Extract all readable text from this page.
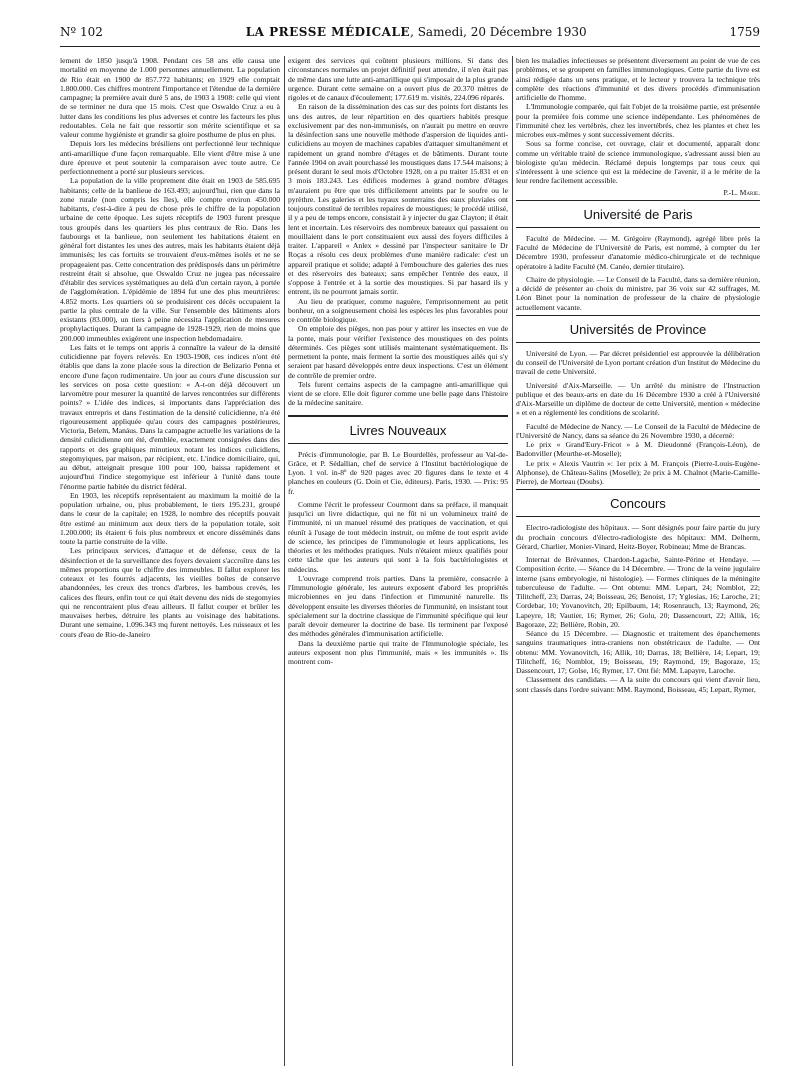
Nº 102	LA PRESSE MÉDICALE, Samedi, 20 Décembre 1930	1759

lement de 1850 jusqu'à 1908. Pendant ces 58 ans elle causa une mortalité en moyenne de 1.000 personnes annuellement. La population de Rio était en 1900 de 857.772 habitants; en 1929 elle comptait 1.800.000. Ces chiffres montrent l'importance et l'étendue de la dernière campagne; la première avait duré 5 ans, de 1903 à 1908: celle qui vient de se terminer ne dura que 15 mois. C'est que Oswaldo Cruz a eu à lutter dans les conditions les plus adverses et contre les facteurs les plus redoutables. Cela ne fait que ressortir son mérite scientifique et sa valeur comme hygiéniste et grandir sa gloire posthume de plus en plus.

Depuis lors les médecins brésiliens ont perfectionné leur technique anti-amarillique d'une façon remarquable. Elle vient d'être mise à une dure épreuve et peut soutenir la comparaison avec toute autre. Ce perfectionnement a porté sur plusieurs services.

La population de la ville proprement dite était en 1903 de 585.695 habitants; celle de la banlieue de 163.493; aujourd'hui, rien que dans la zone rurale (non compris les îles), elle compte environ 450.000 habitants, c'est-à-dire à peu de chose près le chiffre de la population urbaine de cette époque. Les sujets réceptifs de 1903 furent presque tous groupés dans les quartiers les plus centraux de Rio. Dans les faubourgs et la banlieue, non seulement les habitations étaient en général fort distantes les unes des autres, mais les habitants étaient déjà immunisés; les cas fortuits se trouvaient d'eux-mêmes isolés et ne se propageaient pas. Cette concentration des prédisposés dans un périmètre restreint était si absolue, que Oswaldo Cruz ne jugea pas nécessaire d'établir des services systématiques au delà d'un certain rayon, à portée de l'agglomération. L'épidémie de 1894 fut une des plus meurtrières: 4.852 morts. Les quartiers où se produisirent ces décès occupaient la partie la plus centrale de la ville. Sur l'ensemble des bâtiments alors existants (83.000), un tiers à peine nécessita l'application de mesures prophylactiques. Durant la campagne de 1928-1929, rien de moins que 200.000 immeubles exigèrent une inspection hebdomadaire.

Les faits et le temps ont appris à connaître la valeur de la densité culicidienne par foyers relevés. En 1903-1908, ces indices n'ont été établis que dans la zone placée sous la direction de Belizario Penna et encore d'une façon rudimentaire. Un jour au cours d'une discussion sur les services on posa cette question: « A-t-on déjà découvert un larvomètre pour mesurer la quantité de larves rencontrées sur différents points? » L'idée des indices, si importants dans l'appréciation des travaux entrepris et dans l'estimation de la densité culicidienne, n'a été rigoureusement appliquée qu'au cours des campagnes postérieures, Victoria, Belem, Manáus. Dans la campagne actuelle les variations de la densité culicidienne ont été, d'emblée, exactement consignées dans des rapports et des graphiques minutieux notant les indices culicidiens, stegomyiques, par maison, par récipient, etc. L'indice domiciliaire, qui, au début, atteignait presque 100 pour 100, baissa rapidement et aujourd'hui l'indice stegomyique est inférieur à l'unité dans toute l'énorme partie habitée du district fédéral.

En 1903, les réceptifs représentaient au maximum la moitié de la population urbaine, ou, plus probablement, le tiers 195.231, groupé dans le cœur de la capitale; en 1928, le nombre des réceptifs pouvait être estimé au minimum aux deux tiers de la population totale, soit 1.200.000; ils étaient 6 fois plus nombreux et encore disséminés dans toute la partie construite de la ville.

Les principaux services, d'attaque et de défense, ceux de la désinfection et de la surveillance des foyers devaient s'accroître dans les mêmes proportions que le chiffre des immeubles. Il fallut explorer les coteaux et les fourrés adjacents, les vieilles boîtes de conserve abandonnées, les creux des troncs d'arbres, les bambous crevés, les calices des fleurs, enfin tout ce qui était devenu des nids de stegomyies qui ne rencontraient plus d'eau ailleurs. Il fallut couper et brûler les mauvaises herbes, détruire les plants au voisinage des habitations. Durant une semaine, 1.096.343 mq furent nettoyés. Les ruisseaux et les cours d'eau de Rio-de-Janeiro

exigent des services qui coûtent plusieurs millions. Si dans des circonstances normales un projet définitif peut attendre, il n'en était pas de même dans une lutte anti-amarillique qui s'imposait de la plus grande urgence. Durant cette semaine on a ouvert plus de 20.370 mètres de rigoles et de canaux d'écoulement; 177.619 m. visités, 224.096 réparés.

En raison de la dissémination des cas sur des points fort distants les uns des autres, de leur répartition en des quartiers habités presque exclusivement par des non-immunisés, on n'aurait pu mettre en œuvre la désinfection sans une nouvelle méthode d'aspersion de liquides anti-culicidiens au moyen de machines capables d'attaquer simultanément et rapidement un grand nombre d'étages et de bâtiments. Durant toute l'année 1904 on avait pourchassé les moustiques dans 17.544 maisons; à présent durant le seul mois d'Octobre 1928, on a pu traiter 15.831 et en 3 mois 183.243. Les édifices modernes à grand nombre d'étages m'auraient pu être que très difficilement atteints par le soufre ou le pyrèthre. Les galeries et les tuyaux souterrains des eaux pluviales ont toujours constitué de terribles repaires de moustiques; le procédé utilisé, il y a peu de temps encore, consistait à y injecter du gaz Clayton; il était lent et incertain. Les réservoirs des nombreux bateaux qui passaient ou mouillaient dans le port constituaient eux aussi des foyers difficiles à traiter. L'appareil « Anlex » dessiné par l'inspecteur sanitaire le Dr Roças a résolu ces deux problèmes d'une manière radicale: c'est un appareil pratique et solide; adapté à l'embouchure des galeries des rues et des réservoirs des bateaux; sans empêcher l'entrée des eaux, il s'oppose à l'entrée et à la sortie des moustiques. Si par hasard ils y entrent, ils ne pourront jamais sortir.

Au lieu de pratiquer, comme naguère, l'emprisonnement au petit bonheur, on a soigneusement choisi les espèces les plus favorables pour ce contrôle biologique.

On emploie des pièges, non pas pour y attirer les insectes en vue de la ponte, mais pour vérifier l'existence des moustiques en des points déterminés. Ces pièges sont utilisés maintenant systématiquement. Ils permettent la ponte, mais ferment la sortie des moustiques ailés qui s'y seraient par hasard développés entre deux inspections. C'est un élément de contrôle de premier ordre.

Tels furent certains aspects de la campagne anti-amarillique qui vient de se clore. Elle doit figurer comme une belle page dans l'histoire de la médecine sanitaire.

Livres Nouveaux

Précis d'immunologie, par B. Le Bourdellès, professeur au Val-de-Grâce, et P. Sédallian, chef de service à l'Institut bactériologique de Lyon. 1 vol. in-8º de 920 pages avec 20 figures dans le texte et 4 planches en couleurs (G. Doin et Cie, éditeurs). Paris, 1930. — Prix: 95 fr.

Comme l'écrit le professeur Courmont dans sa préface, il manquait jusqu'ici un livre didactique, qui ne fût ni un volumineux traité de l'immunité, ni un manuel résumé des pratiques de vaccination, et qui réunît à l'usage de tout médecin instruit, ou même de tout esprit avide de science, les principes de l'immunologie et leurs applications, les théories et les méthodes pratiques. Nuls n'étaient mieux qualifiés pour cette tâche que les auteurs qui sont à la fois bactériologistes et médecins.

L'ouvrage comprend trois parties. Dans la première, consacrée à l'Immunologie générale, les auteurs exposent d'abord les propriétés microbiennes en jeu dans l'infection et l'immunité naturelle. Ils développent ensuite les diverses théories de l'immunité, en insistant tout spécialement sur la doctrine classique de l'immunité spécifique qui leur paraît devoir demeurer la doctrine de base. Ils terminent par l'exposé des méthodes générales d'immunisation artificielle.

Dans la deuxième partie qui traite de l'Immunologie spéciale, les auteurs exposent non plus l'immunité, mais « les immunités ». Ils montrent com-

bien les maladies infectieuses se présentent diversement au point de vue de ces problèmes, et se groupent en familles immunologiques. Cette partie du livre est ainsi rédigée dans un sens pratique, et le lecteur y trouvera la technique très complète des réactions d'immunité et des divers procédés d'immunisation artificielle de l'homme.

L'Immunologie comparée, qui fait l'objet de la troisième partie, est présentée pour la première fois comme une science indépendante. Les phénomènes de l'immunité chez les vertébrés, chez les invertébrés, chez les plantes et chez les microbes eux-mêmes y sont successivement décrits.

Sous sa forme concise, cet ouvrage, clair et documenté, apparaît donc comme un véritable traité de science immunologique, s'adressant aussi bien au biologiste qu'au médecin. Réclamé depuis longtemps par tous ceux qui s'intéressent à une science qui est la médecine de l'avenir, il a le mérite de la leur rendre facilement accessible.

P.-L. Marie.
Université de Paris

Faculté de Médecine. — M. Grégoire (Raymond), agrégé libre près la Faculté de Médecine de l'Université de Paris, est nommé, à compter du 1er Décembre 1930, professeur d'anatomie médico-chirurgicale et de technique opératoire à ladite Faculté (M. Canéo, dernier titulaire).

Chaire de physiologie. — Le Conseil de la Faculté, dans sa dernière réunion, a décidé de présenter au choix du ministre, par 36 voix sur 42 suffrages, M. Léon Binet pour la nomination de professeur de la chaire de physiologie actuellement vacante.

Universités de Province

Université de Lyon. — Par décret présidentiel est approuvée la délibération du conseil de l'Université de Lyon portant création d'un Institut de Médecine du travail de cette Université.

Université d'Aix-Marseille. — Un arrêté du ministre de l'Instruction publique et des beaux-arts en date du 16 Décembre 1930 a créé à l'Université d'Aix-Marseille un diplôme de docteur de cette Université, mention « médecine » et en a réglementé les conditions de scolarité.

Faculté de Médecine de Nancy. — Le Conseil de la Faculté de Médecine de l'Université de Nancy, dans sa séance du 26 Novembre 1930, a décerné:

Le prix « Grand'Eury-Fricot » à M. Dieudonné (François-Léon), de Badonviller (Meurthe-et-Moselle);

Le prix « Alexis Vautrin »: 1er prix à M. François (Pierre-Louis-Eugène-Alphonse), de Château-Salins (Moselle); 2e prix à M. Chalnot (Marie-Camille-Pierre), de Morteau (Doubs).

Concours

Electro-radiologiste des hôpitaux. — Sont désignés pour faire partie du jury du prochain concours d'électro-radiologiste des hôpitaux: MM. Delherm, Gérard, Charlier, Monier-Vinard, Heitz-Boyer, Robineau; Mme de Brancas.

Internat de Brévannes, Chardon-Lagache, Sainte-Périne et Hendaye. — Composition écrite. — Séance du 14 Décembre. — Tronc de la veine jugulaire interne (sans embryologie, ni histologie). — Formes cliniques de la méningite tuberculeuse de l'adulte. — Ont obtenu: MM. Lepart, 24; Nomblot, 22; Tilitcheff, 23; Darras, 24; Boisseau, 26; Benoist, 17; Yglesias, 16; Laroche, 21; Cordebar, 10; Yovanovitch, 20; Epilbaum, 14; Rosenrauch, 13; Raymond, 26; Lapeyre, 18; Vautier, 16; Rymer, 26; Golu, 20; Dassencourt, 22; Allik, 16; Bagoraze, 22; Bellière, Robin, 20.

Séance du 15 Décembre. — Diagnostic et traitement des épanchements sanguins traumatiques intra-craniens non obstétricaux de l'adulte. — Ont obtenu: MM. Yovanovitch, 16; Allik, 10; Darras, 18; Bellière, 14; Lepart, 19; Tilitcheff, 16; Nomblot, 19; Boisseau, 19; Raymond, 19; Bagoraze, 15; Dassencourt, 17; Golse, 16; Rymer, 17. Ont fié: MM. Lapayre, Laroche.

Classement des candidats. — A la suite du concours qui vient d'avoir lieu, sont classés dans l'ordre suivant: MM. Raymond, Boisseau, 45; Lepart, Rymer,
